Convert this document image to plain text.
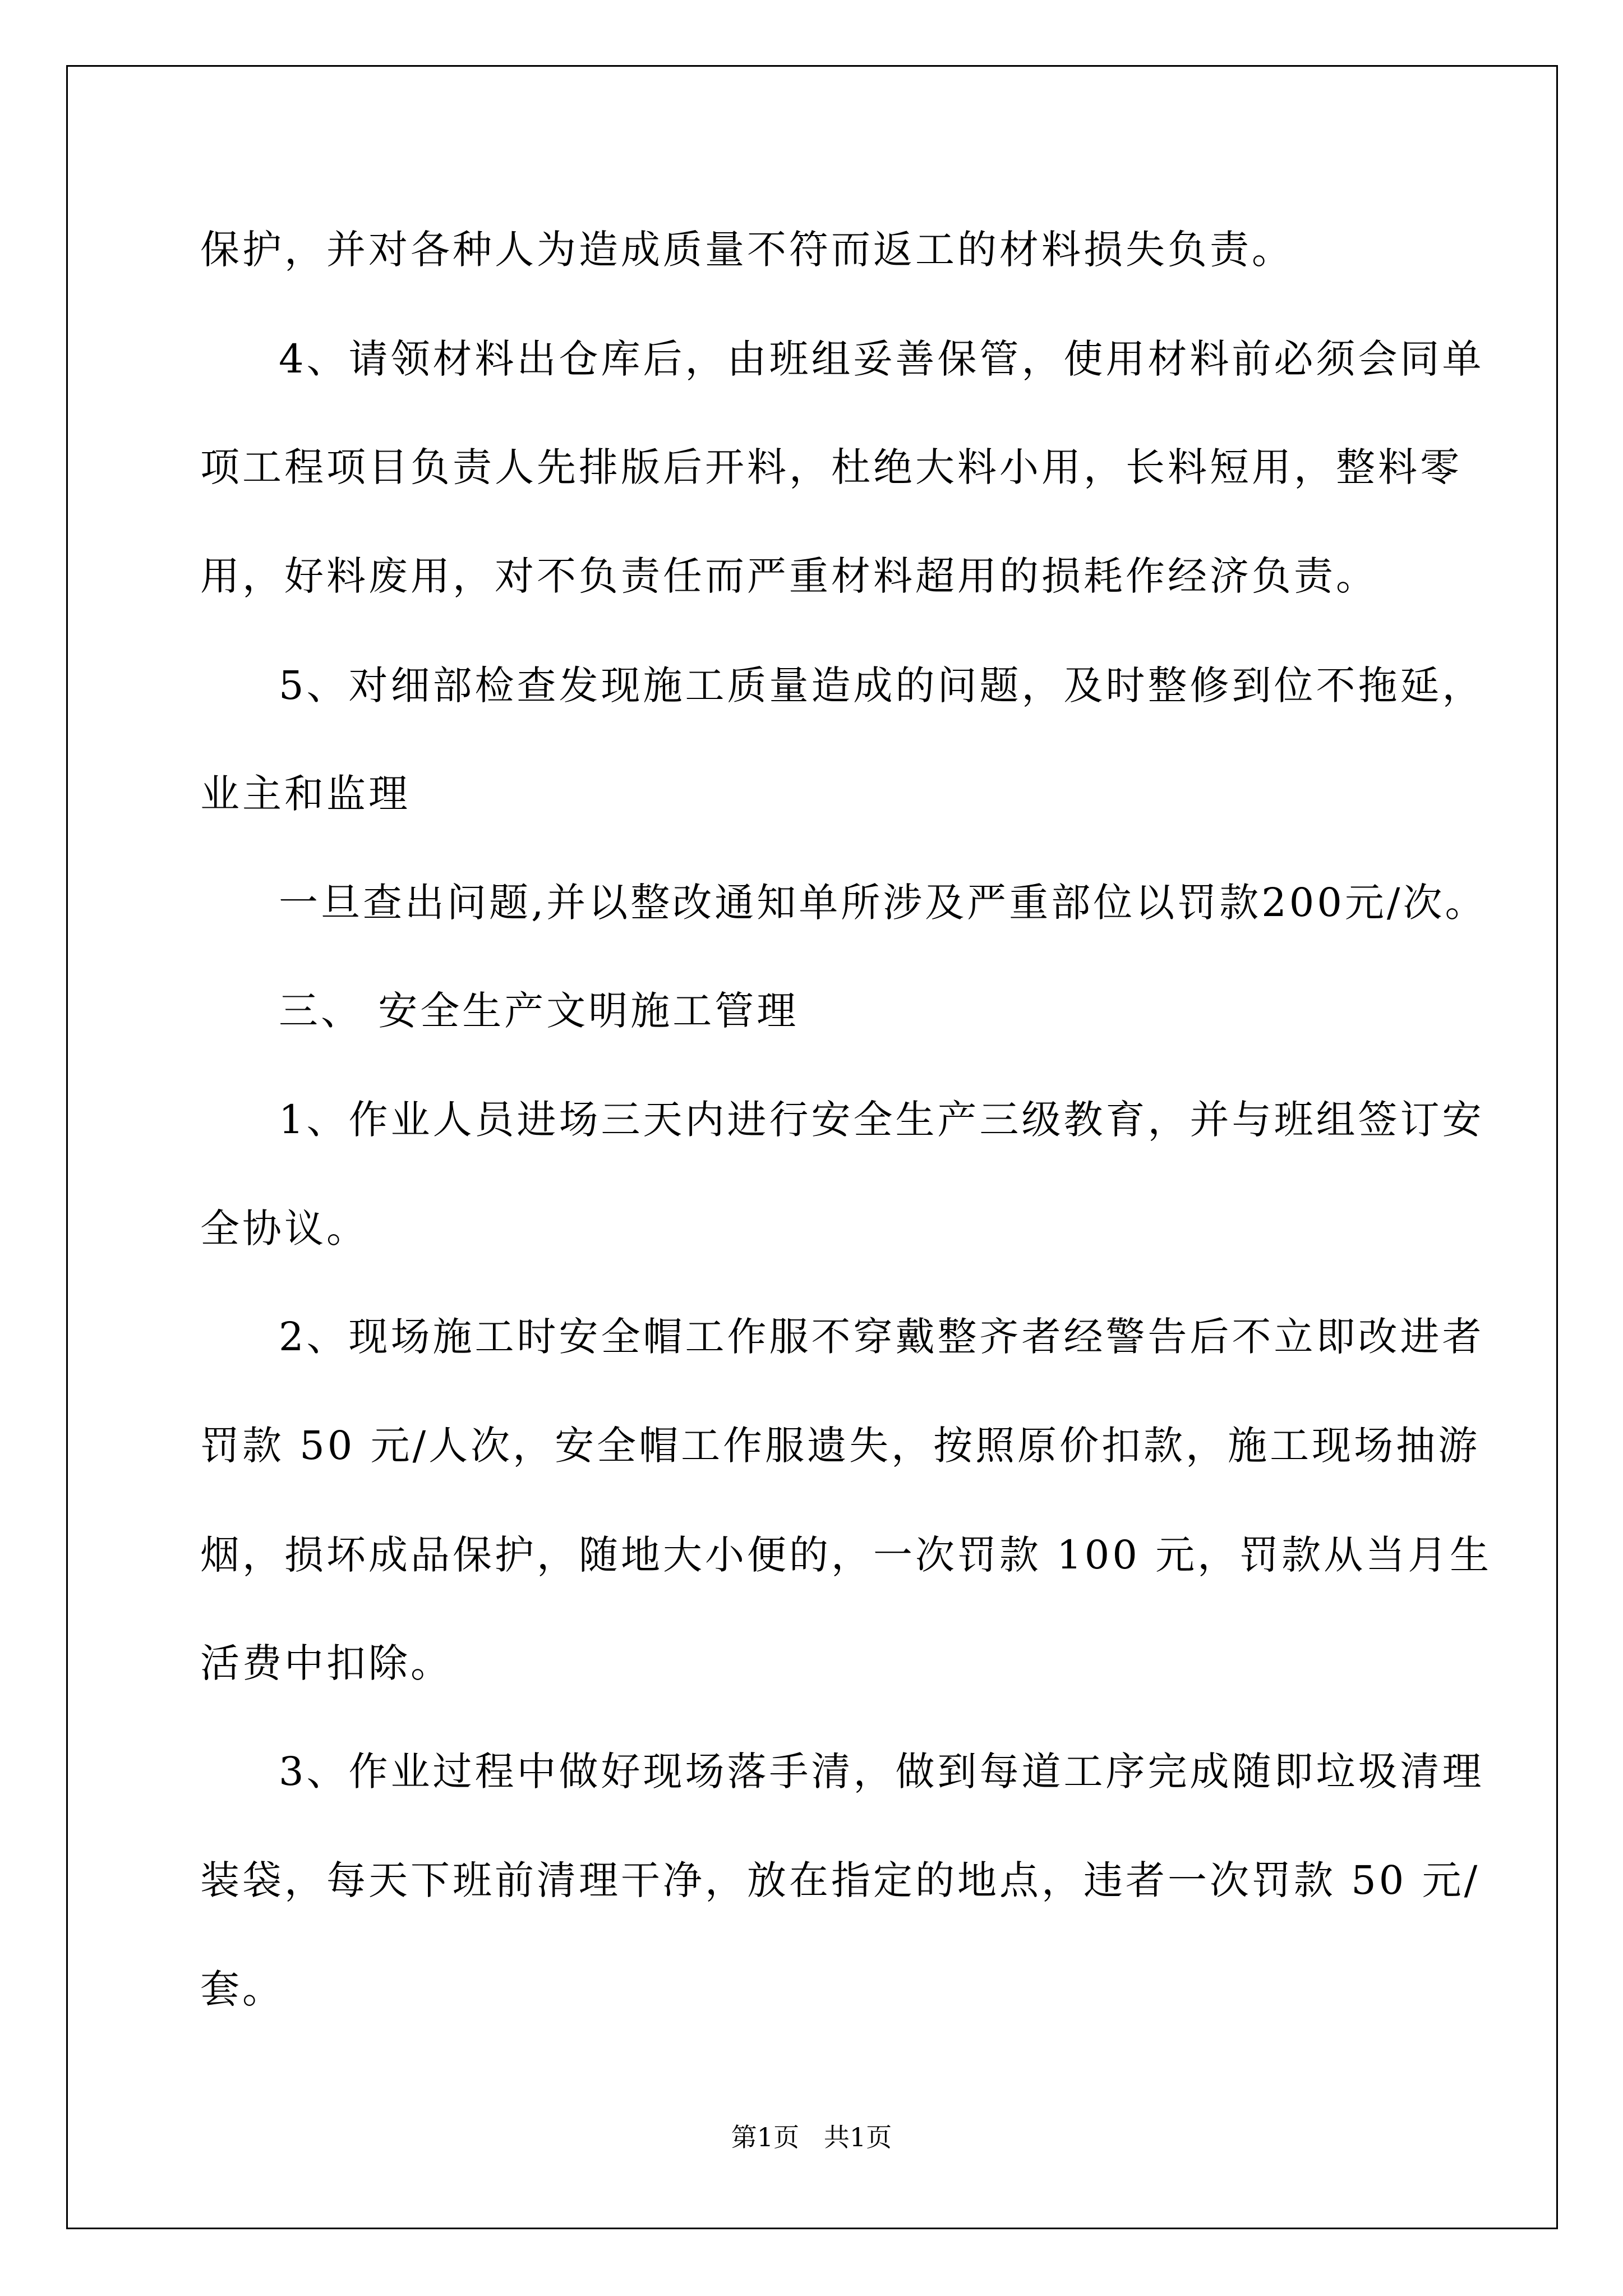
保护，并对各种人为造成质量不符而返工的材料损失负责。
4、请领材料出仓库后，由班组妥善保管，使用材料前必须会同单
项工程项目负责人先排版后开料，杜绝大料小用，长料短用，整料零
用，好料废用，对不负责任而严重材料超用的损耗作经济负责。
5、对细部检查发现施工质量造成的问题，及时整修到位不拖延，
业主和监理
一旦查出问题,并以整改通知单所涉及严重部位以罚款200元/次。
三、 安全生产文明施工管理
1、作业人员进场三天内进行安全生产三级教育，并与班组签订安
全协议。
2、现场施工时安全帽工作服不穿戴整齐者经警告后不立即改进者
罚款 50 元/人次，安全帽工作服遗失，按照原价扣款，施工现场抽游
烟，损坏成品保护，随地大小便的，一次罚款 100 元，罚款从当月生
活费中扣除。
3、作业过程中做好现场落手清，做到每道工序完成随即垃圾清理
装袋，每天下班前清理干净，放在指定的地点，违者一次罚款 50 元/
套。
第1页   共1页
